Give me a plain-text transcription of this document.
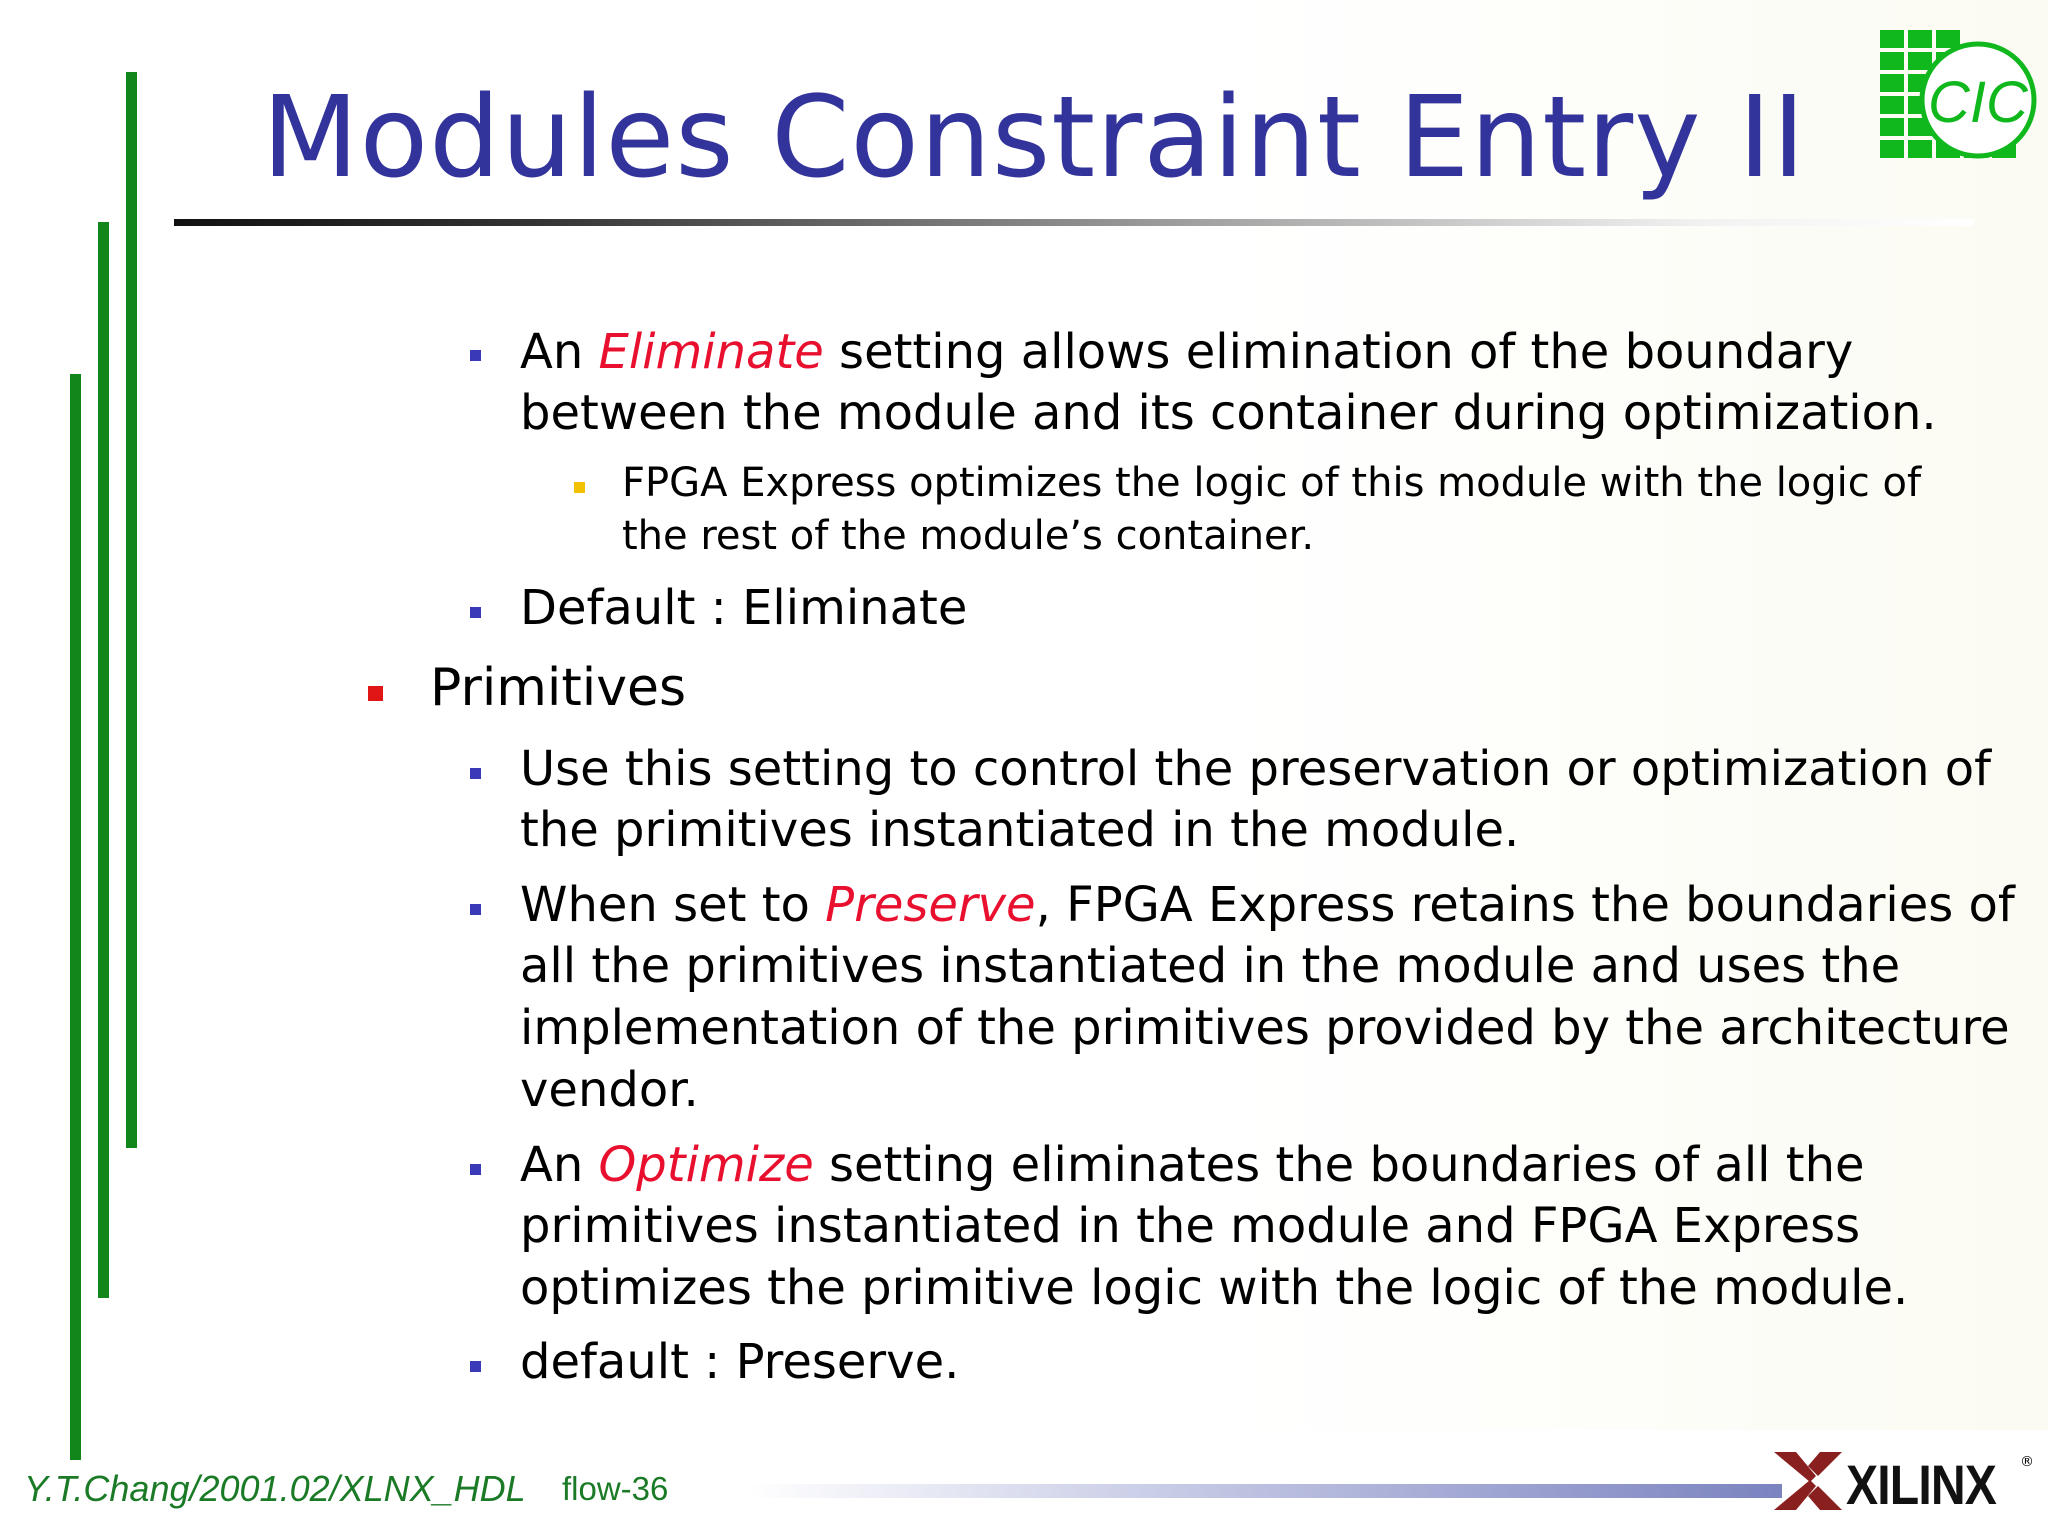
Modules Constraint Entry II CIC
An Eliminate setting allows elimination of the boundary
between the module and its container during optimization.
FPGA Express optimizes the logic of this module with the logic of
the rest of the module’s container.
Default : Eliminate
Primitives
Use this setting to control the preservation or optimization of
the primitives instantiated in the module.
When set to Preserve, FPGA Express retains the boundaries of
all the primitives instantiated in the module and uses the
implementation of the primitives provided by the architecture
vendor.
An Optimize setting eliminates the boundaries of all the
primitives instantiated in the module and FPGA Express
optimizes the primitive logic with the logic of the module.
default : Preserve.
Y.T.Chang/2001.02/XLNX_HDL flow-36	XILINX ®
